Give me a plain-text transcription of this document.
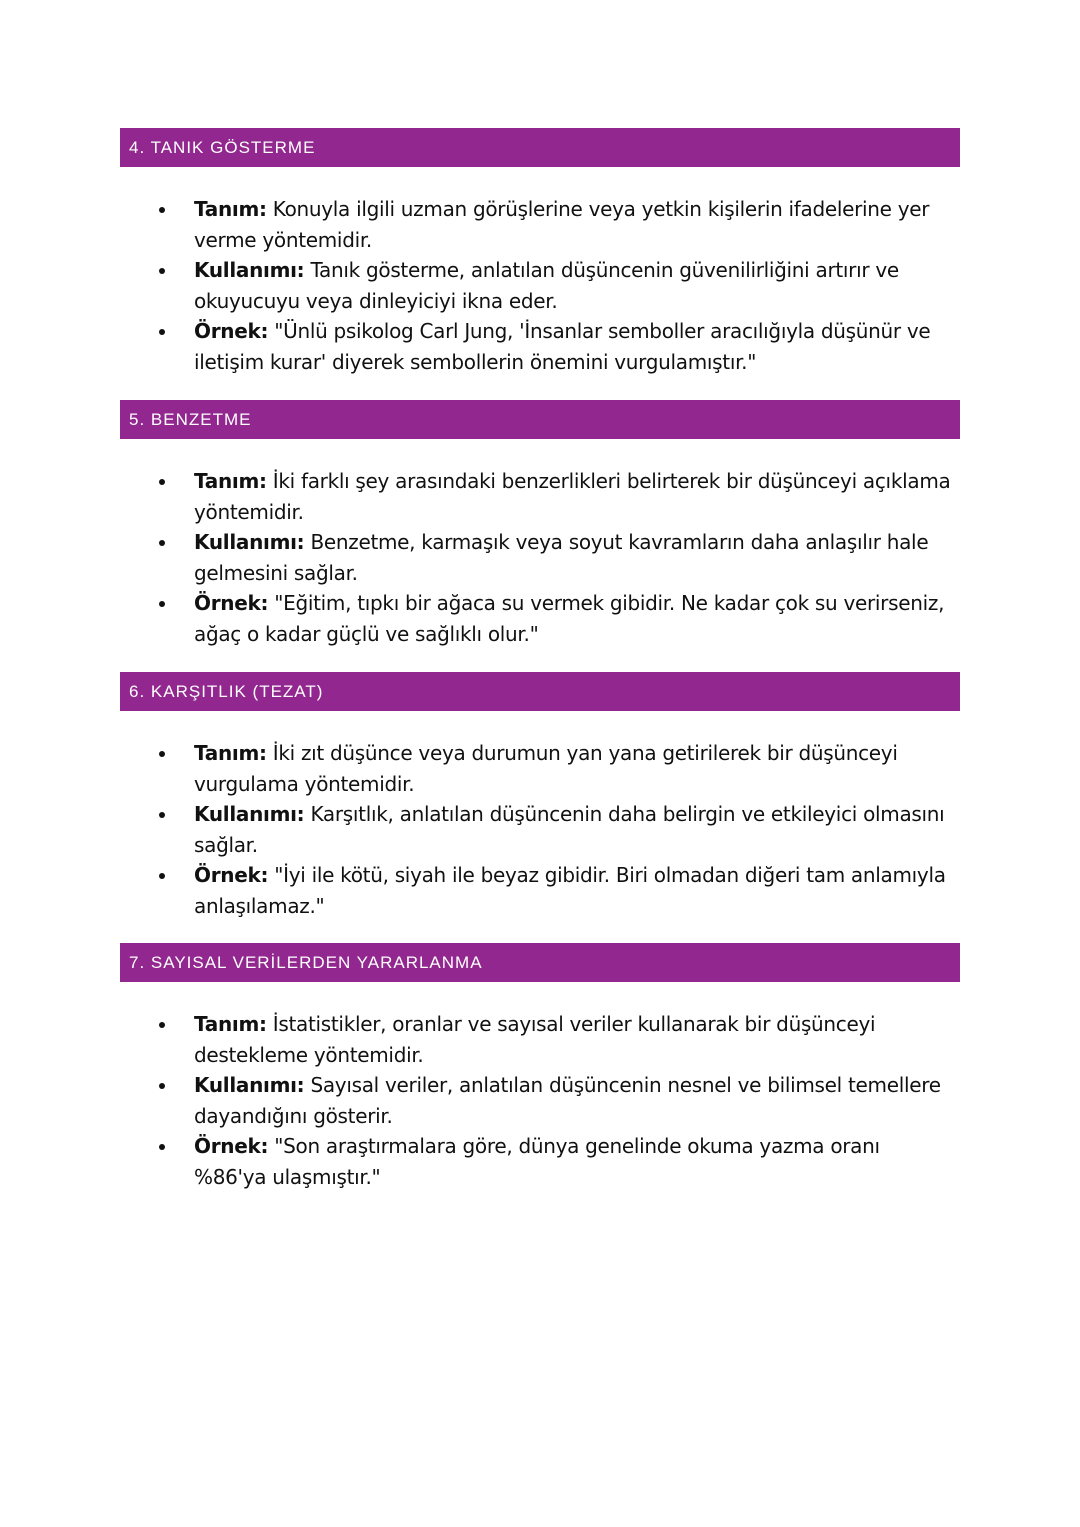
4. TANIK GÖSTERME
Tanım: Konuyla ilgili uzman görüşlerine veya yetkin kişilerin ifadelerine yer verme yöntemidir.
Kullanımı: Tanık gösterme, anlatılan düşüncenin güvenilirliğini artırır ve okuyucuyu veya dinleyiciyi ikna eder.
Örnek: "Ünlü psikolog Carl Jung, 'İnsanlar semboller aracılığıyla düşünür ve iletişim kurar' diyerek sembollerin önemini vurgulamıştır."
5. BENZETME
Tanım: İki farklı şey arasındaki benzerlikleri belirterek bir düşünceyi açıklama yöntemidir.
Kullanımı: Benzetme, karmaşık veya soyut kavramların daha anlaşılır hale gelmesini sağlar.
Örnek: "Eğitim, tıpkı bir ağaca su vermek gibidir. Ne kadar çok su verirseniz, ağaç o kadar güçlü ve sağlıklı olur."
6. KARŞITLIK (TEZAT)
Tanım: İki zıt düşünce veya durumun yan yana getirilerek bir düşünceyi vurgulama yöntemidir.
Kullanımı: Karşıtlık, anlatılan düşüncenin daha belirgin ve etkileyici olmasını sağlar.
Örnek: "İyi ile kötü, siyah ile beyaz gibidir. Biri olmadan diğeri tam anlamıyla anlaşılamaz."
7. SAYISAL VERİLERDEN YARARLANMA
Tanım: İstatistikler, oranlar ve sayısal veriler kullanarak bir düşünceyi destekleme yöntemidir.
Kullanımı: Sayısal veriler, anlatılan düşüncenin nesnel ve bilimsel temellere dayandığını gösterir.
Örnek: "Son araştırmalara göre, dünya genelinde okuma yazma oranı %86'ya ulaşmıştır."
